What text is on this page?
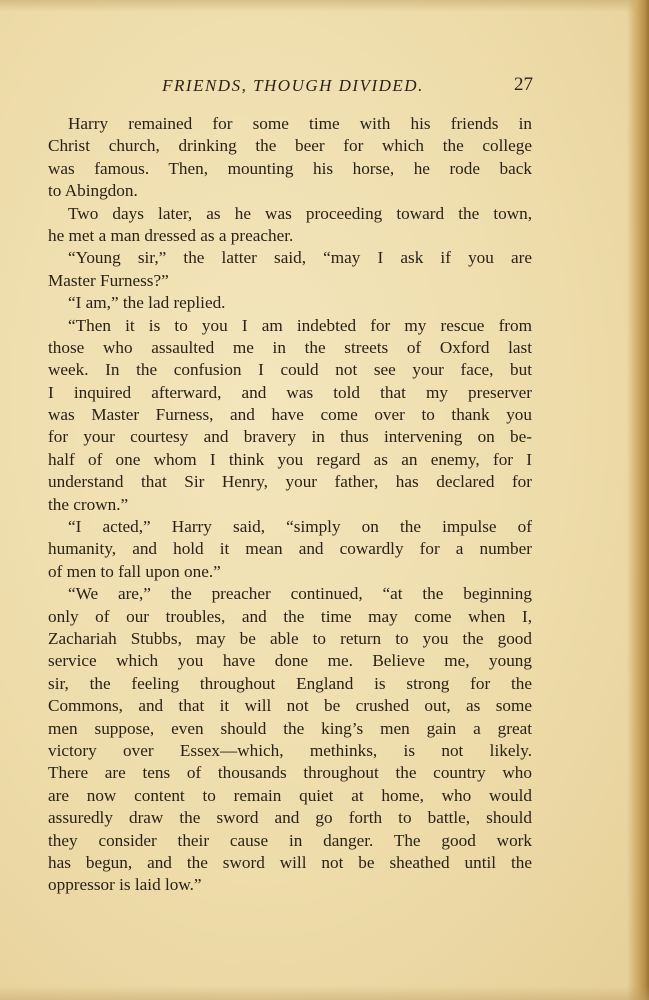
FRIENDS, THOUGH DIVIDED.	27
Harry remained for some time with his friends in
Christ church, drinking the beer for which the college
was famous. Then, mounting his horse, he rode back
to Abingdon.
Two days later, as he was proceeding toward the town,
he met a man dressed as a preacher.
“Young sir,” the latter said, “may I ask if you are
Master Furness?”
“I am,” the lad replied.
“Then it is to you I am indebted for my rescue from
those who assaulted me in the streets of Oxford last
week. In the confusion I could not see your face, but
I inquired afterward, and was told that my preserver
was Master Furness, and have come over to thank you
for your courtesy and bravery in thus intervening on be-
half of one whom I think you regard as an enemy, for I
understand that Sir Henry, your father, has declared for
the crown.”
“I acted,” Harry said, “simply on the impulse of
humanity, and hold it mean and cowardly for a number
of men to fall upon one.”
“We are,” the preacher continued, “at the beginning
only of our troubles, and the time may come when I,
Zachariah Stubbs, may be able to return to you the good
service which you have done me. Believe me, young
sir, the feeling throughout England is strong for the
Commons, and that it will not be crushed out, as some
men suppose, even should the king’s men gain a great
victory over Essex—which, methinks, is not likely.
There are tens of thousands throughout the country who
are now content to remain quiet at home, who would
assuredly draw the sword and go forth to battle, should
they consider their cause in danger. The good work
has begun, and the sword will not be sheathed until the
oppressor is laid low.”
